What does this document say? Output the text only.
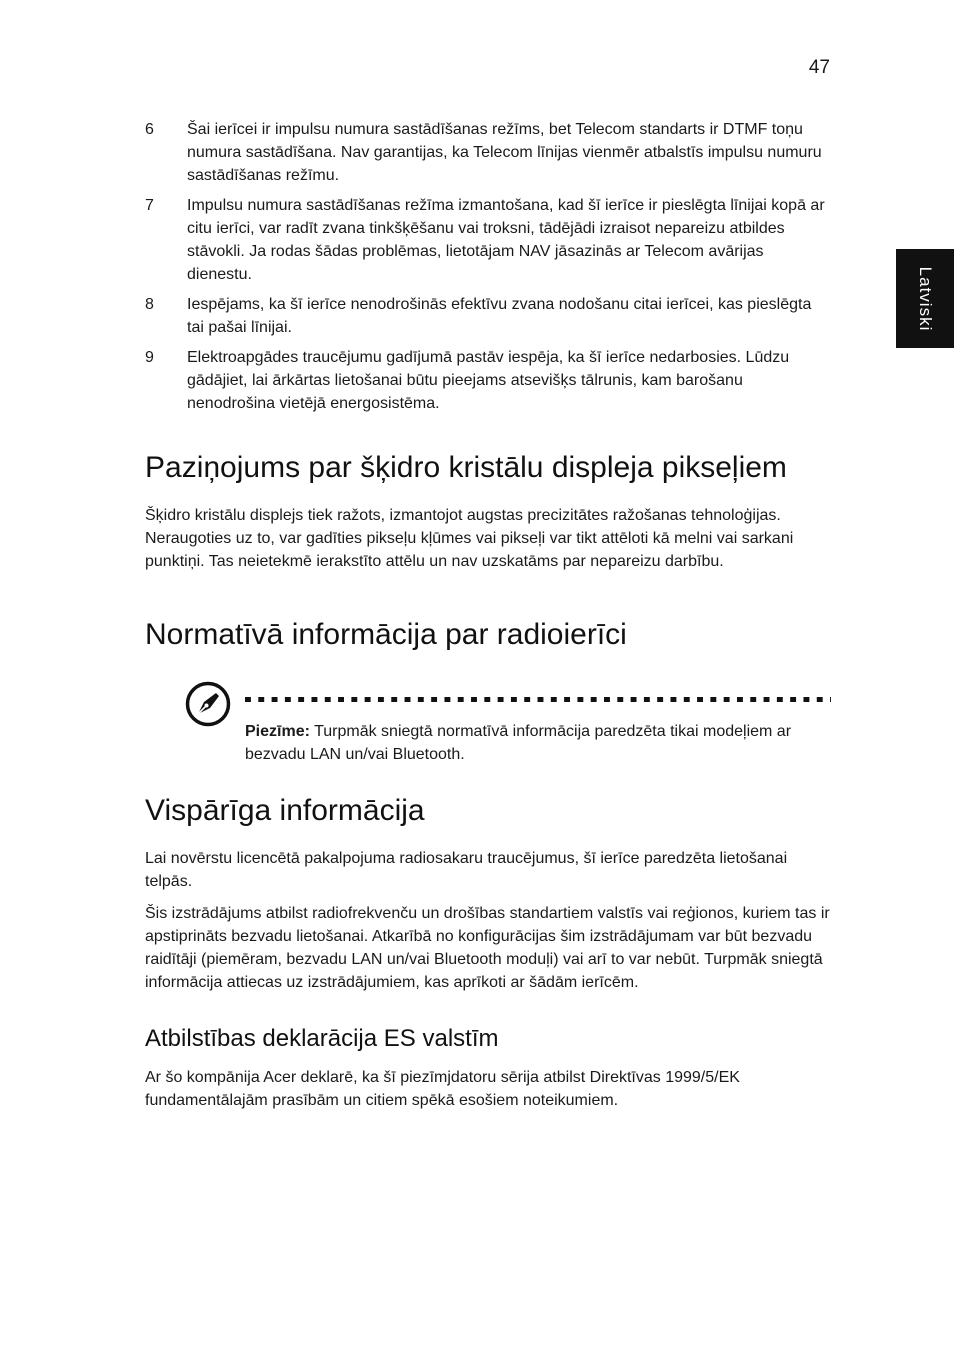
47
Latviski
6	Šai ierīcei ir impulsu numura sastādīšanas režīms, bet Telecom standarts ir DTMF toņu numura sastādīšana. Nav garantijas, ka Telecom līnijas vienmēr atbalstīs impulsu numuru sastādīšanas režīmu.
7	Impulsu numura sastādīšanas režīma izmantošana, kad šī ierīce ir pieslēgta līnijai kopā ar citu ierīci, var radīt zvana tinkšķēšanu vai troksni, tādējādi izraisot nepareizu atbildes stāvokli. Ja rodas šādas problēmas, lietotājam NAV jāsazinās ar Telecom avārijas dienestu.
8	Iespējams, ka šī ierīce nenodrošinās efektīvu zvana nodošanu citai ierīcei, kas pieslēgta tai pašai līnijai.
9	Elektroapgādes traucējumu gadījumā pastāv iespēja, ka šī ierīce nedarbosies. Lūdzu gādājiet, lai ārkārtas lietošanai būtu pieejams atsevišķs tālrunis, kam barošanu nenodrošina vietējā energosistēma.
Paziņojums par šķidro kristālu displeja pikseļiem

Šķidro kristālu displejs tiek ražots, izmantojot augstas precizitātes ražošanas tehnoloģijas. Neraugoties uz to, var gadīties pikseļu kļūmes vai pikseļi var tikt attēloti kā melni vai sarkani punktiņi. Tas neietekmē ierakstīto attēlu un nav uzskatāms par nepareizu darbību.

Normatīvā informācija par radioierīci

Piezīme: Turpmāk sniegtā normatīvā informācija paredzēta tikai modeļiem ar bezvadu LAN un/vai Bluetooth.

Vispārīga informācija

Lai novērstu licencētā pakalpojuma radiosakaru traucējumus, šī ierīce paredzēta lietošanai telpās.

Šis izstrādājums atbilst radiofrekvenču un drošības standartiem valstīs vai reģionos, kuriem tas ir apstiprināts bezvadu lietošanai. Atkarībā no konfigurācijas šim izstrādājumam var būt bezvadu raidītāji (piemēram, bezvadu LAN un/vai Bluetooth moduļi) vai arī to var nebūt. Turpmāk sniegtā informācija attiecas uz izstrādājumiem, kas aprīkoti ar šādām ierīcēm.

Atbilstības deklarācija ES valstīm

Ar šo kompānija Acer deklarē, ka šī piezīmjdatoru sērija atbilst Direktīvas 1999/5/EK fundamentālajām prasībām un citiem spēkā esošiem noteikumiem.
